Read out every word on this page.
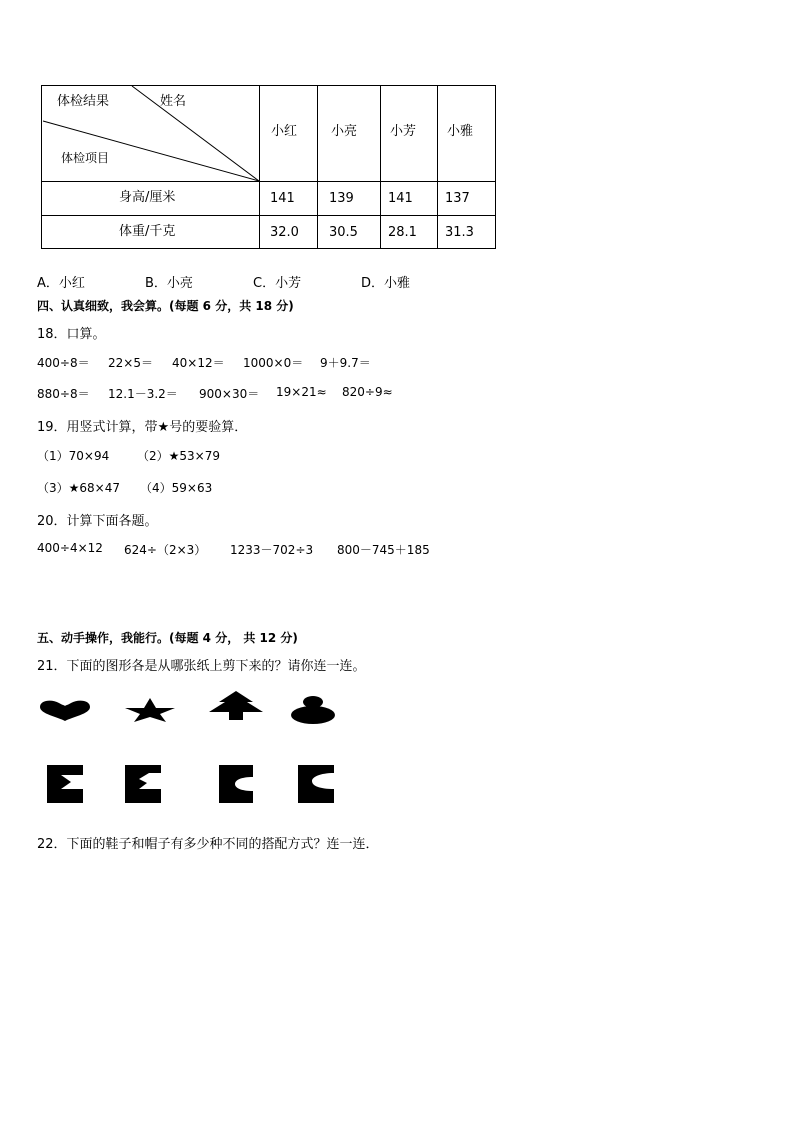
体检结果	姓名
体检项目
小红	小亮	小芳 小雅
身高/厘米	141	139	141 137
体重/千克	32.0 30.5 28.1 31.3
A．小红	B．小亮	C．小芳	D．小雅
四、认真细致，我会算。(每题 6 分，共 18 分)
18．口算。
400÷8＝ 22×5＝ 40×12＝ 1000×0＝ 9＋9.7＝
880÷8＝ 12.1－3.2＝ 900×30＝ 19×21≈ 820÷9≈
19．用竖式计算，带★号的要验算．
（1）70×94 （2）★53×79
（3）★68×47 （4）59×63
20．计算下面各题。
400÷4×12 624÷（2×3） 1233－702÷3 800－745＋185
五、动手操作，我能行。(每题 4 分， 共 12 分)
21．下面的图形各是从哪张纸上剪下来的？请你连一连。
22．下面的鞋子和帽子有多少种不同的搭配方式？连一连．
